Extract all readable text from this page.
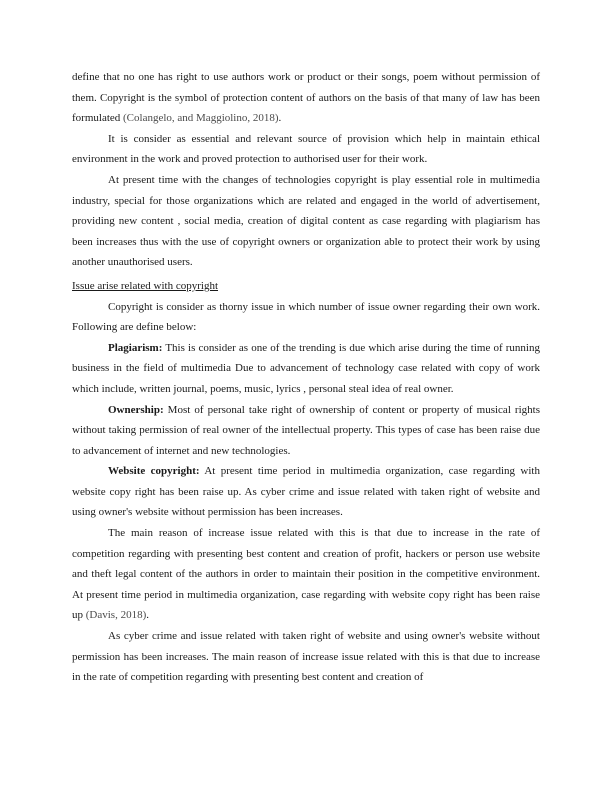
define that no one has right to use authors work or product or their songs, poem without permission of them. Copyright is the symbol of protection content of authors on the basis of that many of law has been formulated (Colangelo, and Maggiolino, 2018).

It is consider as essential and relevant source of provision which help in maintain ethical environment in the work and proved protection to authorised user for their work.

At present time with the changes of technologies copyright is play essential role in multimedia industry, special for those organizations which are related and engaged in the world of advertisement, providing new content , social media, creation of digital content as case regarding with plagiarism has been increases thus with the use of copyright owners or organization able to protect their work by using another unauthorised users.

Issue arise related with copyright

Copyright is consider as thorny issue in which number of issue owner regarding their own work. Following are define below:

Plagiarism: This is consider as one of the trending is due which arise during the time of running business in the field of multimedia Due to advancement of technology case related with copy of work which include, written journal, poems, music, lyrics , personal steal idea of real owner.

Ownership: Most of personal take right of ownership of content or property of musical rights without taking permission of real owner of the intellectual property. This types of case has been raise due to advancement of internet and new technologies.

Website copyright: At present time period in multimedia organization, case regarding with website copy right has been raise up. As cyber crime and issue related with taken right of website and using owner's website without permission has been increases.

The main reason of increase issue related with this is that due to increase in the rate of competition regarding with presenting best content and creation of profit, hackers or person use website and theft legal content of the authors in order to maintain their position in the competitive environment. At present time period in multimedia organization, case regarding with website copy right has been raise up (Davis, 2018).

As cyber crime and issue related with taken right of website and using owner's website without permission has been increases. The main reason of increase issue related with this is that due to increase in the rate of competition regarding with presenting best content and creation of
